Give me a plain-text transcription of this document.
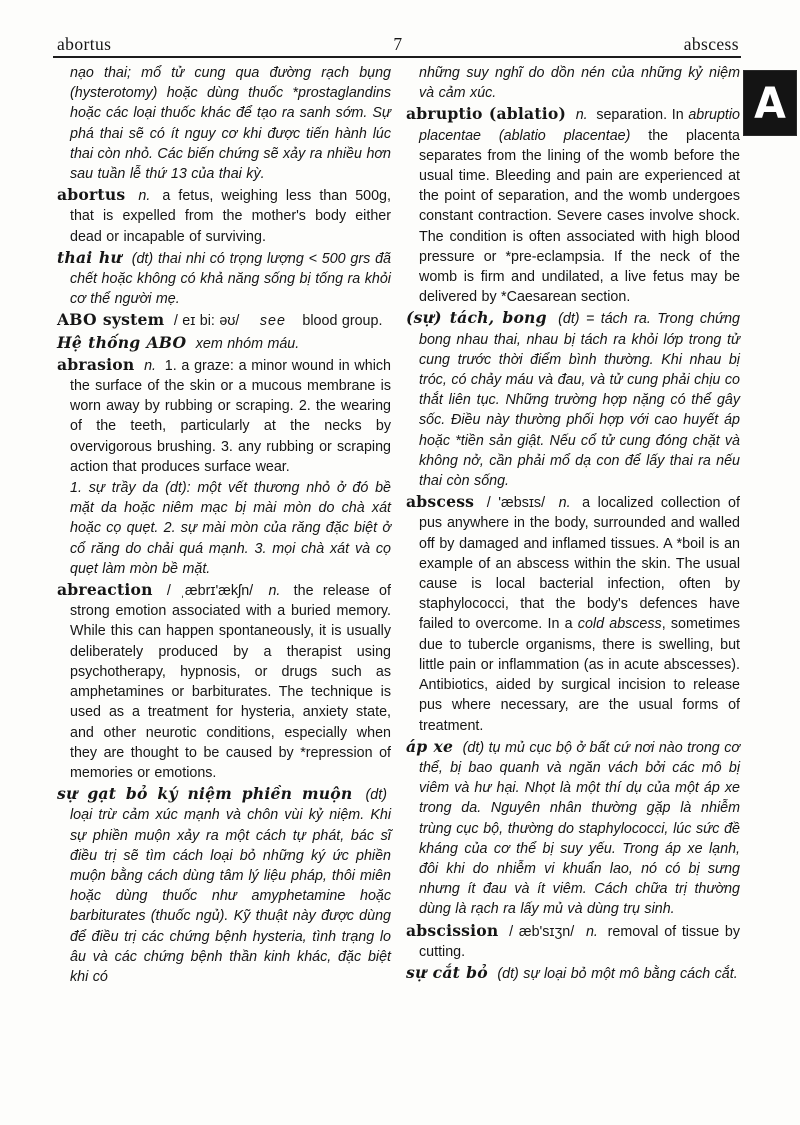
abortus	7	abscess
A

nạo thai; mổ tử cung qua đường rạch bụng (hysterotomy) hoặc dùng thuốc *prostaglandins hoặc các loại thuốc khác để tạo ra sanh sớm. Sự phá thai sẽ có ít nguy cơ khi được tiến hành lúc thai còn nhỏ. Các biến chứng sẽ xảy ra nhiều hơn sau tuần lễ thứ 13 của thai kỳ.

abortus n. a fetus, weighing less than 500g, that is expelled from the mother's body either dead or incapable of surviving.

thai hư (dt) thai nhi có trọng lượng < 500 grs đã chết hoặc không có khả năng sống bị tống ra khỏi cơ thể người mẹ.

ABO system / eɪ bi: əʊ/ see blood group.

Hệ thống ABO xem nhóm máu.

abrasion n. 1. a graze: a minor wound in which the surface of the skin or a mucous membrane is worn away by rubbing or scraping. 2. the wearing of the teeth, particularly at the necks by overvigorous brushing. 3. any rubbing or scraping action that produces surface wear.

1. sự trầy da (dt): một vết thương nhỏ ở đó bề mặt da hoặc niêm mạc bị mài mòn do chà xát hoặc cọ quẹt. 2. sự mài mòn của răng đặc biệt ở cổ răng do chải quá mạnh. 3. mọi chà xát và cọ quẹt làm mòn bề mặt.

abreaction / ˌæbrɪ'ækʃn/ n. the release of strong emotion associated with a buried memory. While this can happen spontaneously, it is usually deliberately produced by a therapist using psychotherapy, hypnosis, or drugs such as amphetamines or barbiturates. The technique is used as a treatment for hysteria, anxiety state, and other neurotic conditions, especially when they are thought to be caused by *repression of memories or emotions.

sự gạt bỏ ký niệm phiền muộn (dt) loại trừ cảm xúc mạnh và chôn vùi kỷ niệm. Khi sự phiền muộn xảy ra một cách tự phát, bác sĩ điều trị sẽ tìm cách loại bỏ những ký ức phiền muộn bằng cách dùng tâm lý liệu pháp, thôi miên hoặc dùng thuốc như amyphetamine hoặc barbiturates (thuốc ngủ). Kỹ thuật này được dùng để điều trị các chứng bệnh hysteria, tình trạng lo âu và các chứng bệnh thần kinh khác, đặc biệt khi có

những suy nghĩ do dồn nén của những kỷ niệm và cảm xúc.

abruptio (ablatio) n. separation. In abruptio placentae (ablatio placentae) the placenta separates from the lining of the womb before the usual time. Bleeding and pain are experienced at the point of separation, and the womb undergoes constant contraction. Severe cases involve shock. The condition is often associated with high blood pressure or *pre-eclampsia. If the neck of the womb is firm and undilated, a live fetus may be delivered by *Caesarean section.

(sự) tách, bong (dt) = tách ra. Trong chứng bong nhau thai, nhau bị tách ra khỏi lớp trong tử cung trước thời điểm bình thường. Khi nhau bị tróc, có chảy máu và đau, và tử cung phải chịu co thắt liên tục. Những trường hợp nặng có thể gây sốc. Điều này thường phối hợp với cao huyết áp hoặc *tiền sản giật. Nếu cổ tử cung đóng chặt và không nở, cần phải mổ dạ con để lấy thai ra nếu thai còn sống.

abscess / 'æbsɪs/ n. a localized collection of pus anywhere in the body, surrounded and walled off by damaged and inflamed tissues. A *boil is an example of an abscess within the skin. The usual cause is local bacterial infection, often by staphylococci, that the body's defences have failed to overcome. In a cold abscess, sometimes due to tubercle organisms, there is swelling, but little pain or inflammation (as in acute abscesses). Antibiotics, aided by surgical incision to release pus where necessary, are the usual forms of treatment.

áp xe (dt) tụ mủ cục bộ ở bất cứ nơi nào trong cơ thể, bị bao quanh và ngăn vách bởi các mô bị viêm và hư hại. Nhọt là một thí dụ của một áp xe trong da. Nguyên nhân thường gặp là nhiễm trùng cục bộ, thường do staphylococci, lúc sức đề kháng của cơ thể bị suy yếu. Trong áp xe lạnh, đôi khi do nhiễm vi khuẩn lao, nó có bị sưng nhưng ít đau và ít viêm. Cách chữa trị thường dùng là rạch ra lấy mủ và dùng trụ sinh.

abscission / æb'sɪʒn/ n. removal of tissue by cutting.

sự cắt bỏ (dt) sự loại bỏ một mô bằng cách cắt.
